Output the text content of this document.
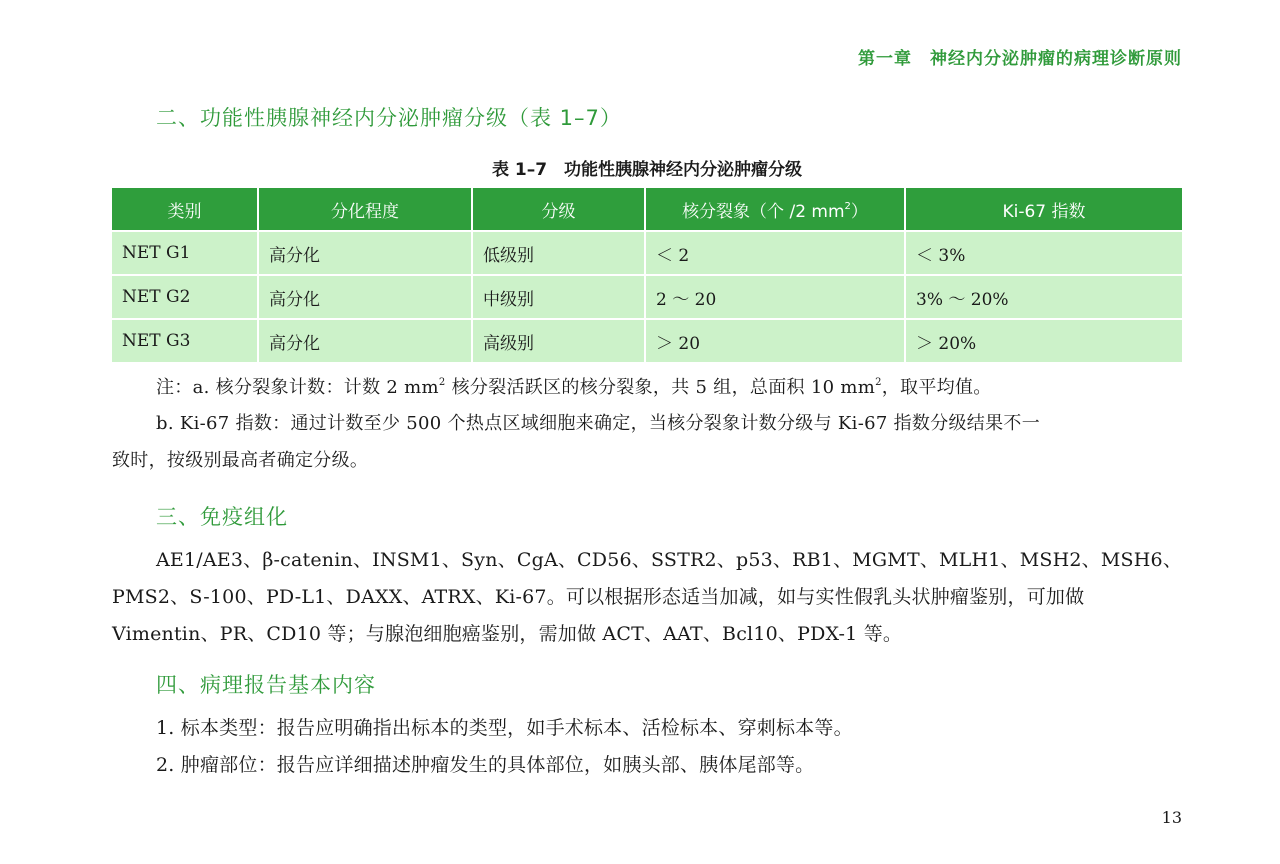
第一章　神经内分泌肿瘤的病理诊断原则
二、功能性胰腺神经内分泌肿瘤分级（表 1–7）
表 1–7　功能性胰腺神经内分泌肿瘤分级
类别	分化程度	分级	核分裂象（个 /2 $mm^2$）	Ki-67 指数
NET G1	高分化	低级别	＜ 2	＜ 3%
NET G2	高分化	中级别	2 ～ 20	3% ～ 20%
NET G3	高分化	高级别	＞ 20	＞ 20%
注：a. 核分裂象计数：计数 2 $mm^2$ 核分裂活跃区的核分裂象，共 5 组，总面积 10 $mm^2$，取平均值。
b. Ki-67 指数：通过计数至少 500 个热点区域细胞来确定，当核分裂象计数分级与 Ki-67 指数分级结果不一
致时，按级别最高者确定分级。
三、免疫组化
AE1/AE3、β-catenin、INSM1、Syn、CgA、CD56、SSTR2、p53、RB1、MGMT、MLH1、MSH2、MSH6、
PMS2、S-100、PD-L1、DAXX、ATRX、Ki-67。可以根据形态适当加减，如与实性假乳头状肿瘤鉴别，可加做
Vimentin、PR、CD10 等；与腺泡细胞癌鉴别，需加做 ACT、AAT、Bcl10、PDX-1 等。
四、病理报告基本内容
1. 标本类型：报告应明确指出标本的类型，如手术标本、活检标本、穿刺标本等。
2. 肿瘤部位：报告应详细描述肿瘤发生的具体部位，如胰头部、胰体尾部等。
13
